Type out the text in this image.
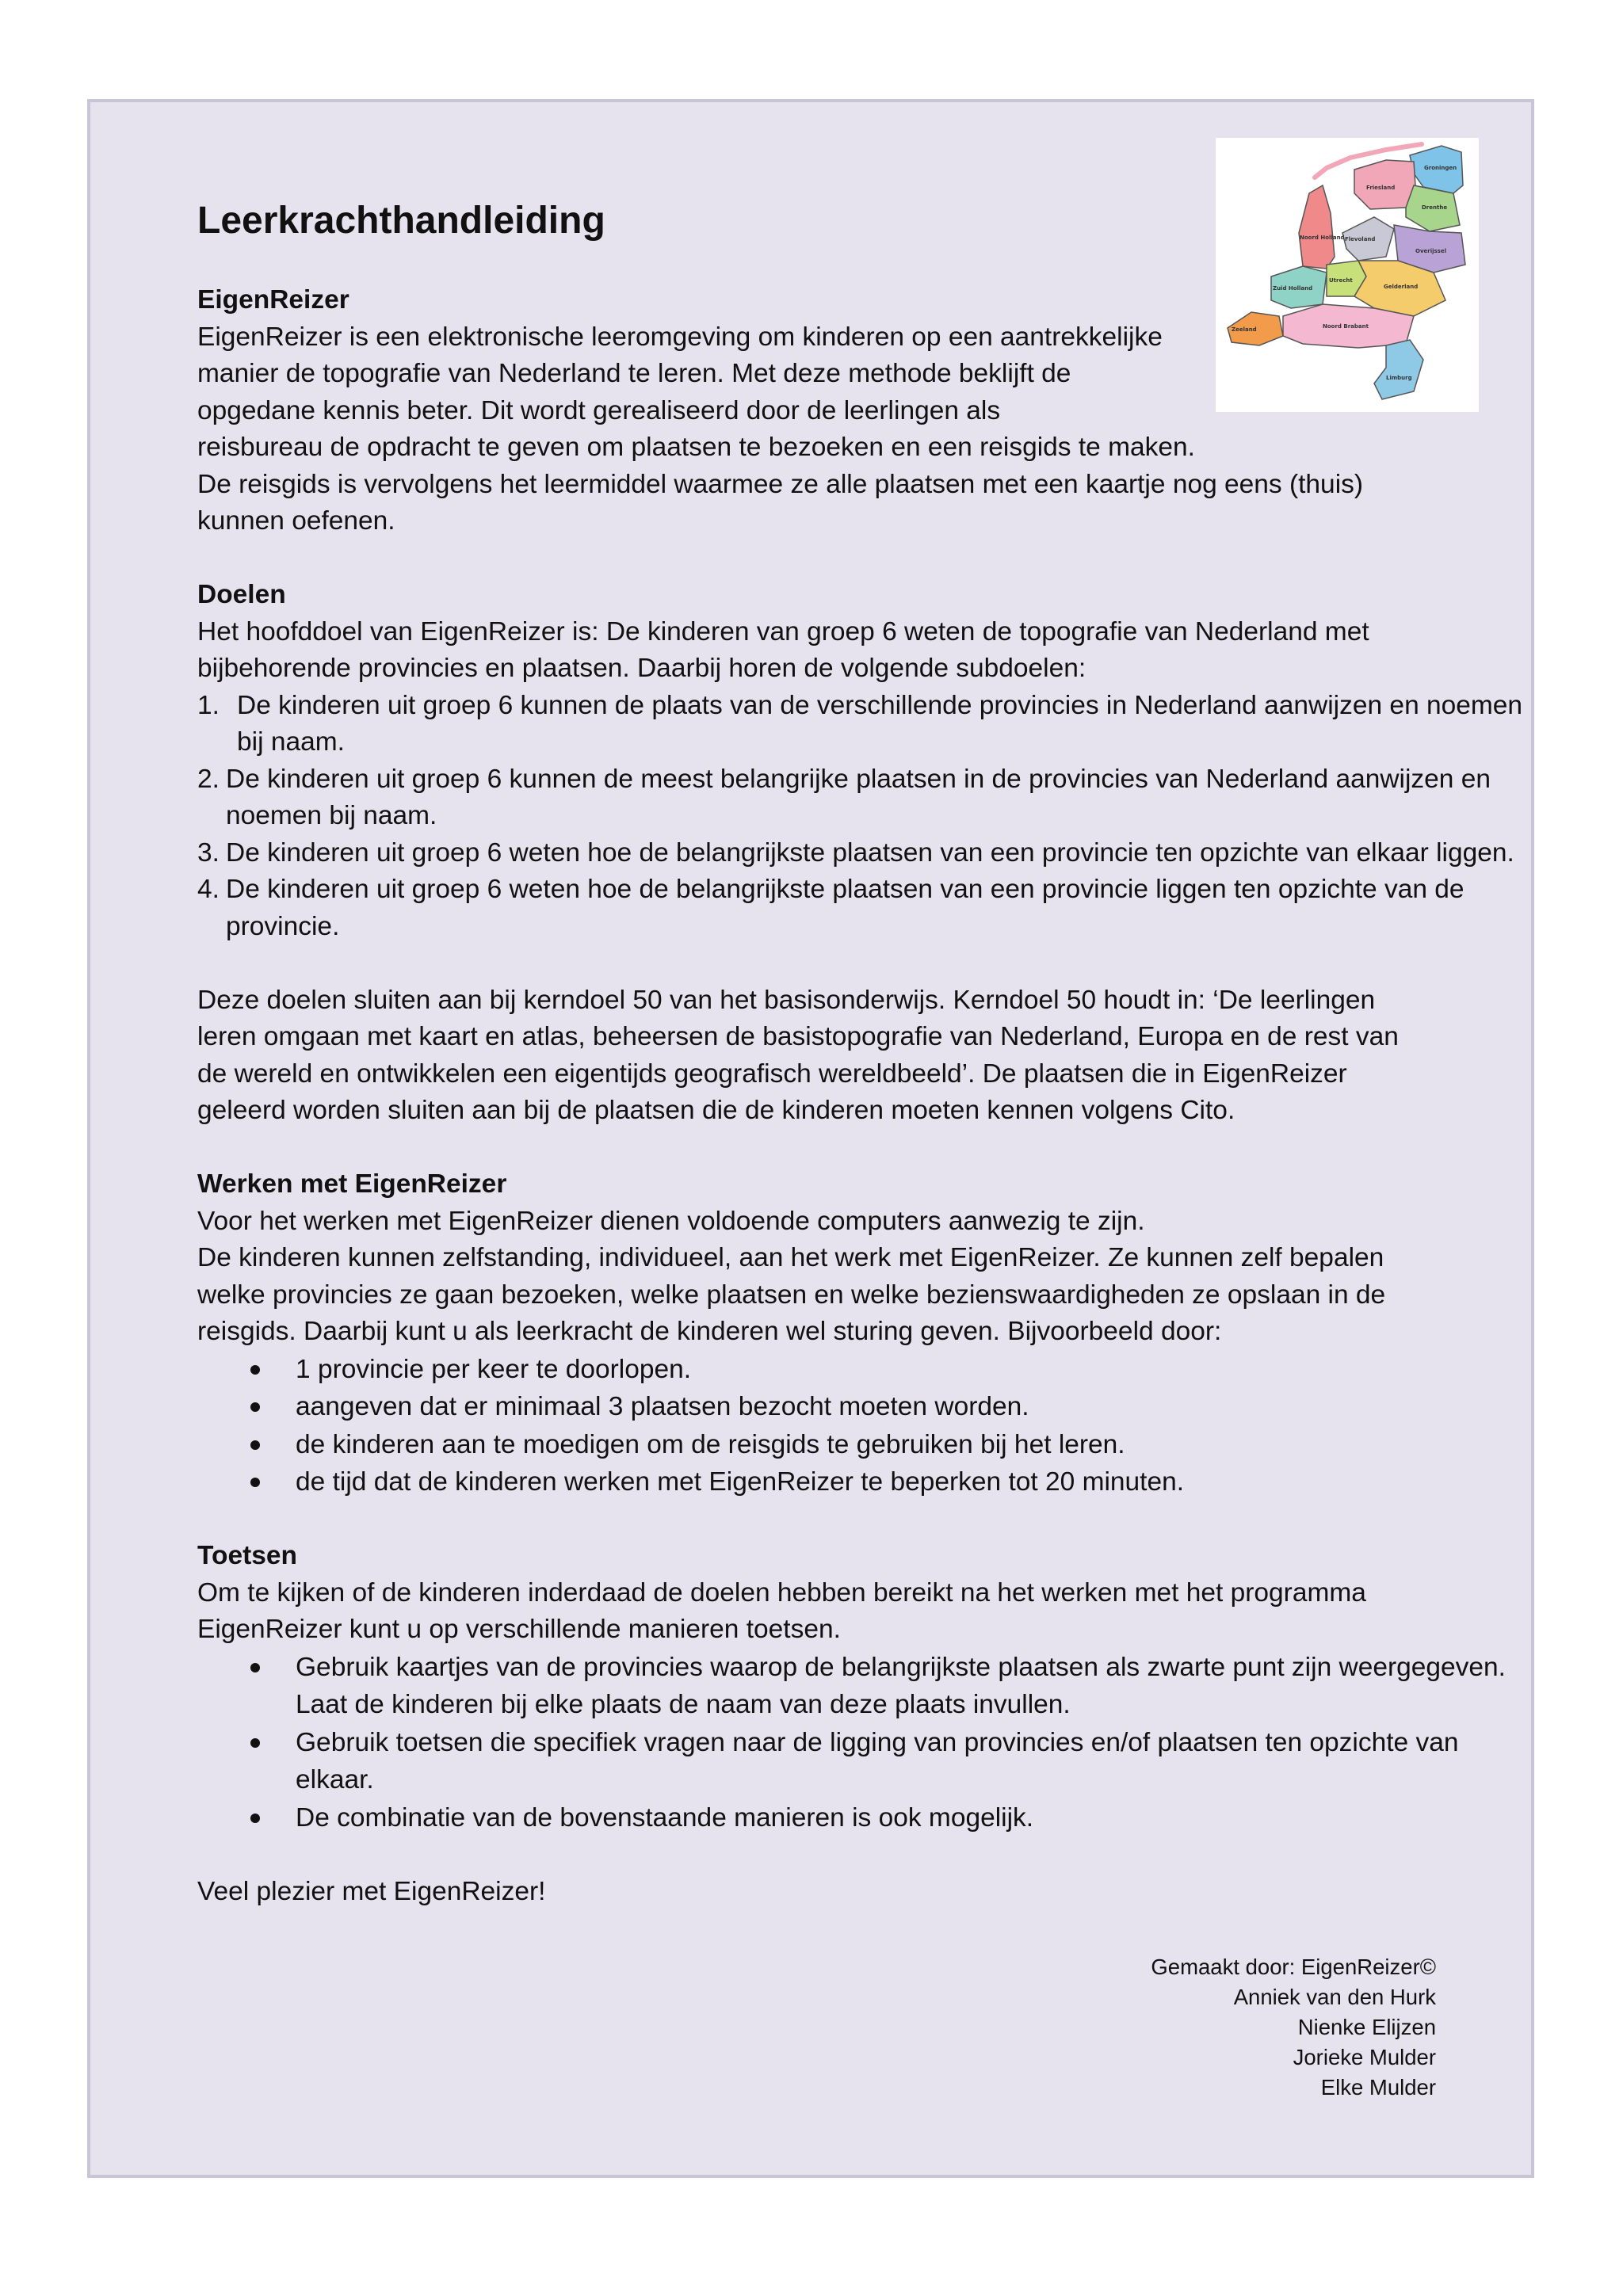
Groningen
Friesland
Drenthe
Noord Holland Flevoland
Overijssel
Zuid Holland
Utrecht
Gelderland
Zeeland	Noord Brabant
Limburg
Leerkrachthandleiding

EigenReizer

EigenReizer is een elektronische leeromgeving om kinderen op een aantrekkelijke

manier de topografie van Nederland te leren. Met deze methode beklijft de

opgedane kennis beter. Dit wordt gerealiseerd door de leerlingen als

reisbureau de opdracht te geven om plaatsen te bezoeken en een reisgids te maken.

De reisgids is vervolgens het leermiddel waarmee ze alle plaatsen met een kaartje nog eens (thuis)

kunnen oefenen.

Doelen

Het hoofddoel van EigenReizer is: De kinderen van groep 6 weten de topografie van Nederland met

bijbehorende provincies en plaatsen. Daarbij horen de volgende subdoelen:

1. De kinderen uit groep 6 kunnen de plaats van de verschillende provincies in Nederland aanwijzen en noemen bij naam.
2. De kinderen uit groep 6 kunnen de meest belangrijke plaatsen in de provincies van Nederland aanwijzen en noemen bij naam.
3. De kinderen uit groep 6 weten hoe de belangrijkste plaatsen van een provincie ten opzichte van elkaar liggen.
4. De kinderen uit groep 6 weten hoe de belangrijkste plaatsen van een provincie liggen ten opzichte van de provincie.

Deze doelen sluiten aan bij kerndoel 50 van het basisonderwijs. Kerndoel 50 houdt in: ‘De leerlingen

leren omgaan met kaart en atlas, beheersen de basistopografie van Nederland, Europa en de rest van

de wereld en ontwikkelen een eigentijds geografisch wereldbeeld’. De plaatsen die in EigenReizer

geleerd worden sluiten aan bij de plaatsen die de kinderen moeten kennen volgens Cito.

Werken met EigenReizer

Voor het werken met EigenReizer dienen voldoende computers aanwezig te zijn.

De kinderen kunnen zelfstanding, individueel, aan het werk met EigenReizer. Ze kunnen zelf bepalen

welke provincies ze gaan bezoeken, welke plaatsen en welke bezienswaardigheden ze opslaan in de

reisgids. Daarbij kunt u als leerkracht de kinderen wel sturing geven. Bijvoorbeeld door:

1 provincie per keer te doorlopen.
aangeven dat er minimaal 3 plaatsen bezocht moeten worden.
de kinderen aan te moedigen om de reisgids te gebruiken bij het leren.
de tijd dat de kinderen werken met EigenReizer te beperken tot 20 minuten.

Toetsen

Om te kijken of de kinderen inderdaad de doelen hebben bereikt na het werken met het programma

EigenReizer kunt u op verschillende manieren toetsen.

Gebruik kaartjes van de provincies waarop de belangrijkste plaatsen als zwarte punt zijn weergegeven. Laat de kinderen bij elke plaats de naam van deze plaats invullen.
Gebruik toetsen die specifiek vragen naar de ligging van provincies en/of plaatsen ten opzichte van elkaar.
De combinatie van de bovenstaande manieren is ook mogelijk.

Veel plezier met EigenReizer!

Gemaakt door: EigenReizer©
Anniek van den Hurk
Nienke Elijzen
Jorieke Mulder
Elke Mulder
